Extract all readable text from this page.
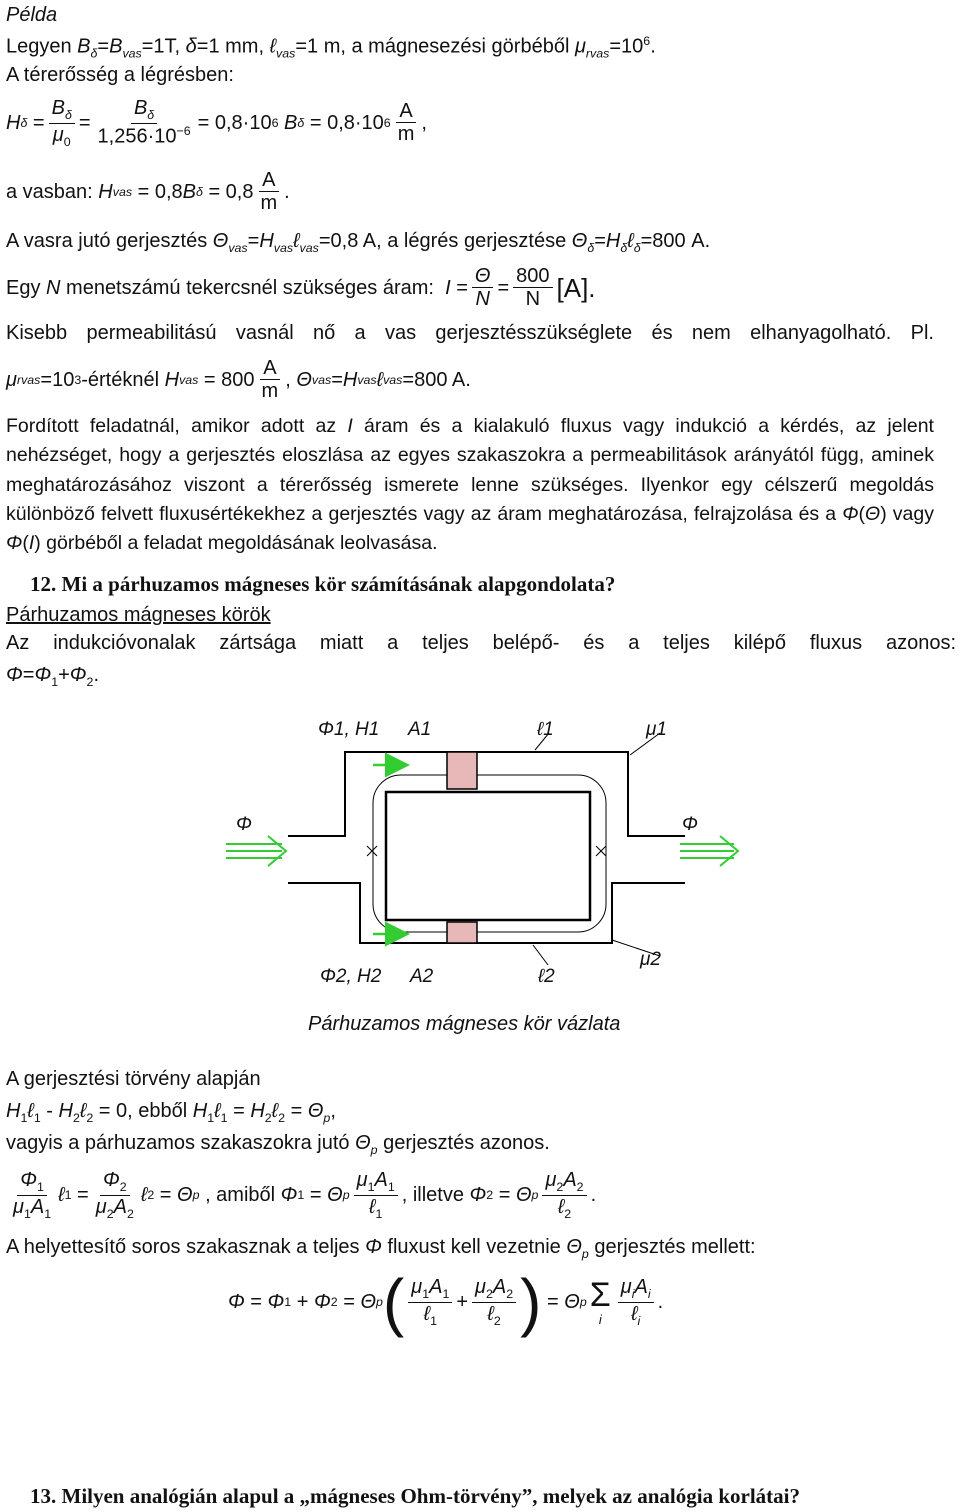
Példa
Legyen $B_\delta=B_{vas}=1T$, δ=1 mm, ℓ$_{vas}$=1 m, a mágnesezési görbéből $\mu_{rvas}=10^6$.
A térerősség a légrésben:
H $\delta = \frac{B_\delta}{\mu_0} = \frac{B_\delta}{1,256\cdot 10^{-6}} = 0,8\cdot 10$ 6
B δ = 0,8·10 $6 \frac{A}{m}$ ,
a vasban: H vas = 0,8 B $\delta = 0,8 \frac{A}{m}$ .
A vasra jutó gerjesztés $\Theta_{vas}=H_{vas}\ell_{vas}=0,8$ A, a légrés gerjesztése $\Theta_\delta=H_\delta\ell_\delta=800$ A.
Egy N menetszámú tekercsnél szükséges áram: $I = \frac{\Theta}{N} = \frac{800}{N} [A]$.
Kisebb permeabilitású vasnál nő a vas gerjesztésszükséglete és nem elhanyagolható. Pl.
μ rvas =10 3 -értéknél H vas = $800 \frac{A}{m}$ , Θ vas = H vas ℓ vas =800 A.
Fordított feladatnál, amikor adott az I áram és a kialakuló fluxus vagy indukció a kérdés, az jelent nehézséget, hogy a gerjesztés eloszlása az egyes szakaszokra a permeabilitások arányától függ, aminek meghatározásához viszont a térerősség ismerete lenne szükséges. Ilyenkor egy célszerű megoldás különböző felvett fluxusértékekhez a gerjesztés vagy az áram meghatározása, felrajzolása és a Φ(Θ) vagy Φ(I) görbéből a feladat megoldásának leolvasása.
12. Mi a párhuzamos mágneses kör számításának alapgondolata?
Párhuzamos mágneses körök
Az indukcióvonalak zártsága miatt a teljes belépő- és a teljes kilépő fluxus azonos:
$\Phi=\Phi_1+\Phi_2$.
Φ1, H1 A1	ℓ1	μ1
Φ	Φ
Φ2, H2 A2	ℓ2
μ2
Párhuzamos mágneses kör vázlata
A gerjesztési törvény alapján
$H_1\ell_1$ - $H_2\ell_2 = 0$, ebből $H_1\ell_1$ = $H_2\ell_2 = \Theta_p$,
vagyis a párhuzamos szakaszokra jutó $\Theta_p$ gerjesztés azonos.
$\frac{\Phi_1}{\mu_1A_1}$ ℓ $1 = \frac{\Phi_2}{\mu_2A_2}$ ℓ 2 = Θ p , amiből Φ 1 = Θ p $\frac{\mu_1A_1}{\ell_1}$ , illetve Φ 2 = Θ p $\frac{\mu_2A_2}{\ell_2}$ .
A helyettesítő soros szakasznak a teljes Φ fluxust kell vezetnie $\Theta_p$ gerjesztés mellett:
Φ = Φ 1 + Φ 2 = Θ p ( $\frac{\mu_1A_1}{\ell_1} + \frac{\mu_2A_2}{\ell_2}$ ) = Θ p Σ
i $\frac{\mu_iA_i}{\ell_i}$ .
13. Milyen analógián alapul a „mágneses Ohm-törvény”, melyek az analógia korlátai?
